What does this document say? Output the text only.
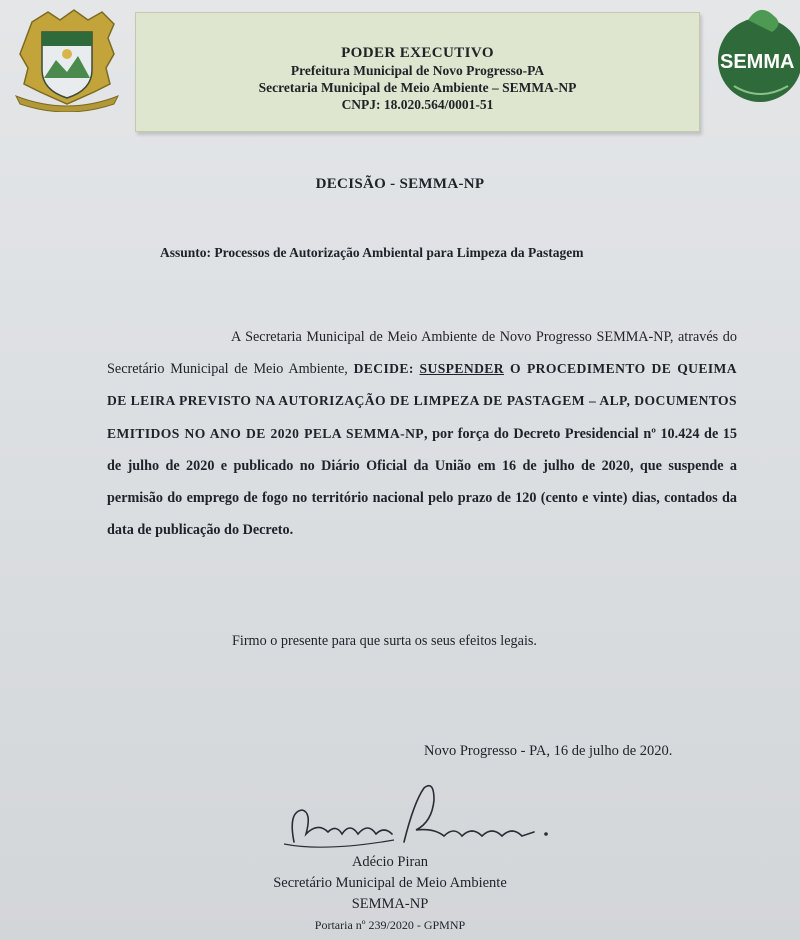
PODER EXECUTIVO
Prefeitura Municipal de Novo Progresso-PA
Secretaria Municipal de Meio Ambiente – SEMMA-NP
CNPJ: 18.020.564/0001-51
SEMMA
DECISÃO - SEMMA-NP
Assunto: Processos de Autorização Ambiental para Limpeza da Pastagem
A Secretaria Municipal de Meio Ambiente de Novo Progresso SEMMA-NP, através do Secretário Municipal de Meio Ambiente, DECIDE: SUSPENDER O PROCEDIMENTO DE QUEIMA DE LEIRA PREVISTO NA AUTORIZAÇÃO DE LIMPEZA DE PASTAGEM – ALP, DOCUMENTOS EMITIDOS NO ANO DE 2020 PELA SEMMA-NP, por força do Decreto Presidencial nº 10.424 de 15 de julho de 2020 e publicado no Diário Oficial da União em 16 de julho de 2020, que suspende a permisão do emprego de fogo no território nacional pelo prazo de 120 (cento e vinte) dias, contados da data de publicação do Decreto.
Firmo o presente para que surta os seus efeitos legais.
Novo Progresso - PA, 16 de julho de 2020.
Adécio Piran
Secretário Municipal de Meio Ambiente
SEMMA-NP
Portaria nº 239/2020 - GPMNP
